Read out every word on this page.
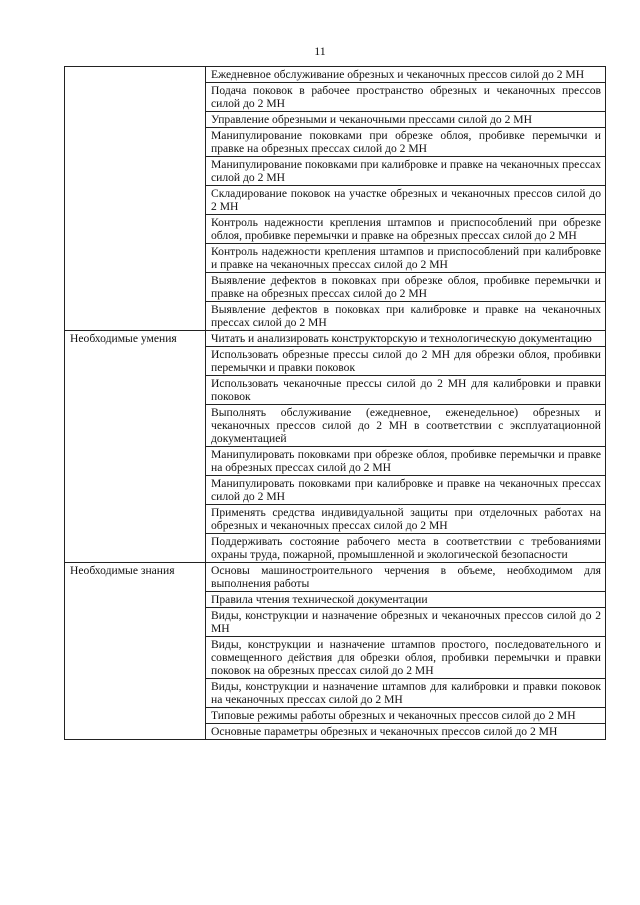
11
	Ежедневное обслуживание обрезных и чеканочных прессов силой до 2 МН
	Подача поковок в рабочее пространство обрезных и чеканочных прессов силой до 2 МН
	Управление обрезными и чеканочными прессами силой до 2 МН
	Манипулирование поковками при обрезке облоя, пробивке перемычки и правке на обрезных прессах силой до 2 МН
	Манипулирование поковками при калибровке и правке на чеканочных прессах силой до 2 МН
	Складирование поковок на участке обрезных и чеканочных прессов силой до 2 МН
	Контроль надежности крепления штампов и приспособлений при обрезке облоя, пробивке перемычки и правке на обрезных прессах силой до 2 МН
	Контроль надежности крепления штампов и приспособлений при калибровке и правке на чеканочных прессах силой до 2 МН
	Выявление дефектов в поковках при обрезке облоя, пробивке перемычки и правке на обрезных прессах силой до 2 МН
	Выявление дефектов в поковках при калибровке и правке на чеканочных прессах силой до 2 МН
Необходимые умения	Читать и анализировать конструкторскую и технологическую документацию
	Использовать обрезные прессы силой до 2 МН для обрезки облоя, пробивки перемычки и правки поковок
	Использовать чеканочные прессы силой до 2 МН для калибровки и правки поковок
	Выполнять обслуживание (ежедневное, еженедельное) обрезных и чеканочных прессов силой до 2 МН в соответствии с эксплуатационной документацией
	Манипулировать поковками при обрезке облоя, пробивке перемычки и правке на обрезных прессах силой до 2 МН
	Манипулировать поковками при калибровке и правке на чеканочных прессах силой до 2 МН
	Применять средства индивидуальной защиты при отделочных работах на обрезных и чеканочных прессах силой до 2 МН
	Поддерживать состояние рабочего места в соответствии с требованиями охраны труда, пожарной, промышленной и экологической безопасности
Необходимые знания	Основы машиностроительного черчения в объеме, необходимом для выполнения работы
	Правила чтения технической документации
	Виды, конструкции и назначение обрезных и чеканочных прессов силой до 2 МН
	Виды, конструкции и назначение штампов простого, последовательного и совмещенного действия для обрезки облоя, пробивки перемычки и правки поковок на обрезных прессах силой до 2 МН
	Виды, конструкции и назначение штампов для калибровки и правки поковок на чеканочных прессах силой до 2 МН
	Типовые режимы работы обрезных и чеканочных прессов силой до 2 МН
	Основные параметры обрезных и чеканочных прессов силой до 2 МН
